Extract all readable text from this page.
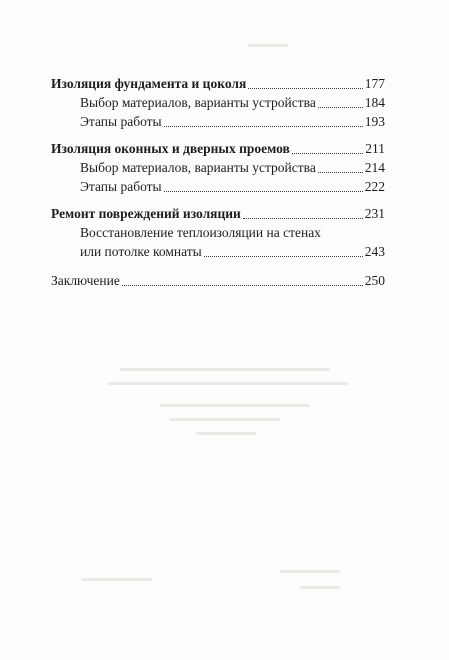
Изоляция фундамента и цоколя	177
Выбор материалов, варианты устройства	184
Этапы работы	193
Изоляция оконных и дверных проемов	211
Выбор материалов, варианты устройства	214
Этапы работы	222
Ремонт повреждений изоляции	231
Восстановление теплоизоляции на стенах
или потолке комнаты	243
Заключение	250
